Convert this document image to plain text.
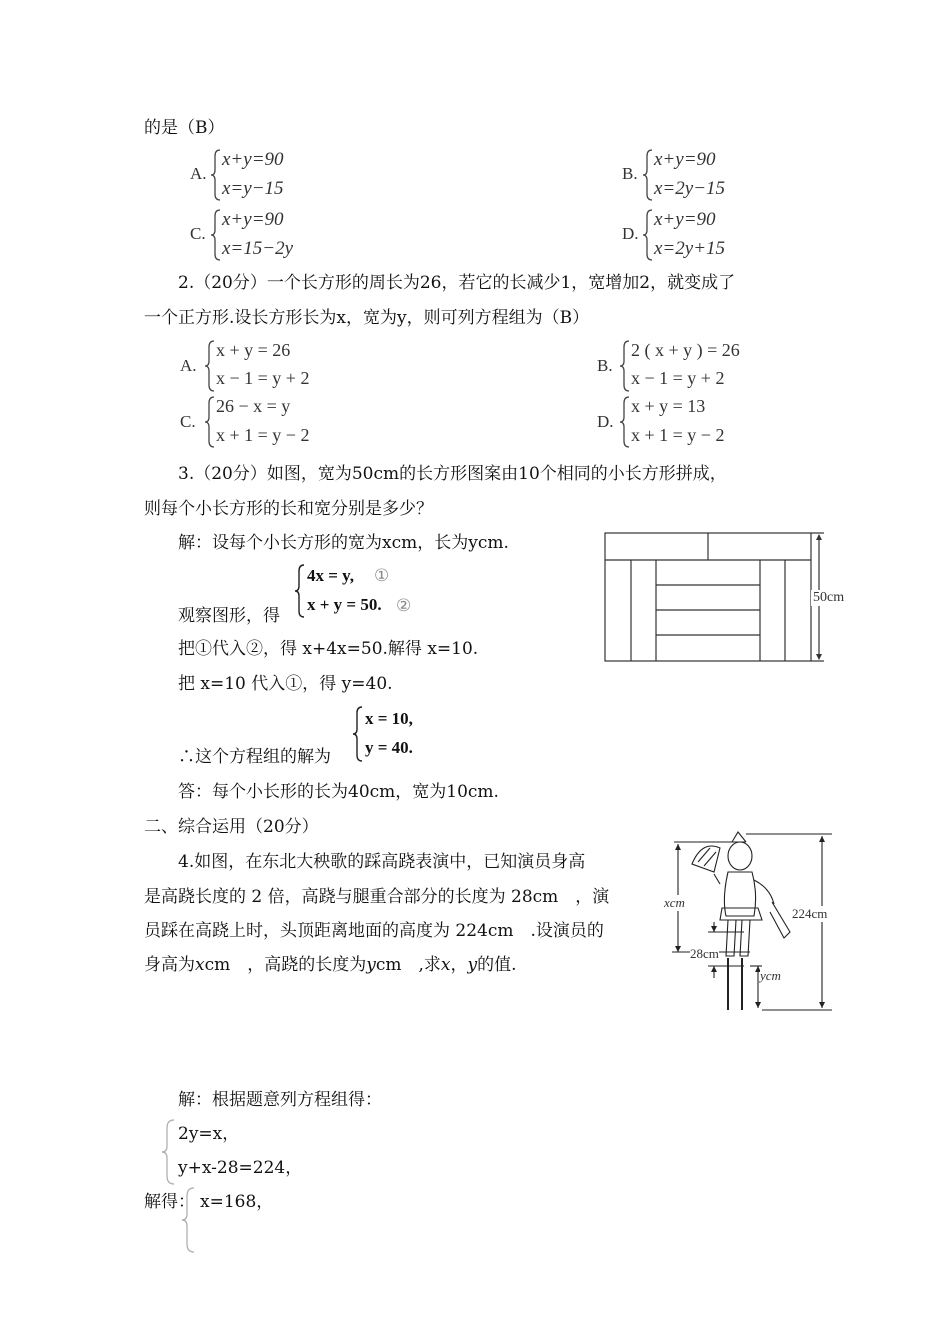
的是（B）
A.
x+y=90
x=y−15
B.
x+y=90
x=2y−15
C.
x+y=90
x=15−2y
D.
x+y=90
x=2y+15
2.（20分）一个长方形的周长为26，若它的长减少1，宽增加2，就变成了
一个正方形.设长方形长为x，宽为y，则可列方程组为（B）
A.
x + y = 26
x − 1 = y + 2
B.
2 ( x + y ) = 26
x − 1 = y + 2
C.
26 − x = y
x + 1 = y − 2
D.
x + y = 13
x + 1 = y − 2
3.（20分）如图，宽为50cm的长方形图案由10个相同的小长方形拼成，
则每个小长方形的长和宽分别是多少？
解：设每个小长方形的宽为xcm，长为ycm.
观察图形，得
4x = y, ①
x + y = 50. ②
把①代入②，得 x+4x=50.解得 x=10.
把 x=10 代入①，得 y=40.
x = 10,
y = 40.
∴这个方程组的解为
答：每个小长形的长为40cm，宽为10cm.
50cm
二、综合运用（20分）
4.如图，在东北大秧歌的踩高跷表演中，已知演员身高
是高跷长度的 2 倍，高跷与腿重合部分的长度为 28cm　，演
员踩在高跷上时，头顶距离地面的高度为 224cm　.设演员的
身高为xcm　，高跷的长度为ycm　,求x，y的值.
xcm
28cm
224cm
ycm
解：根据题意列方程组得：
2y=x，
y+x-28=224，
解得： x=168，
